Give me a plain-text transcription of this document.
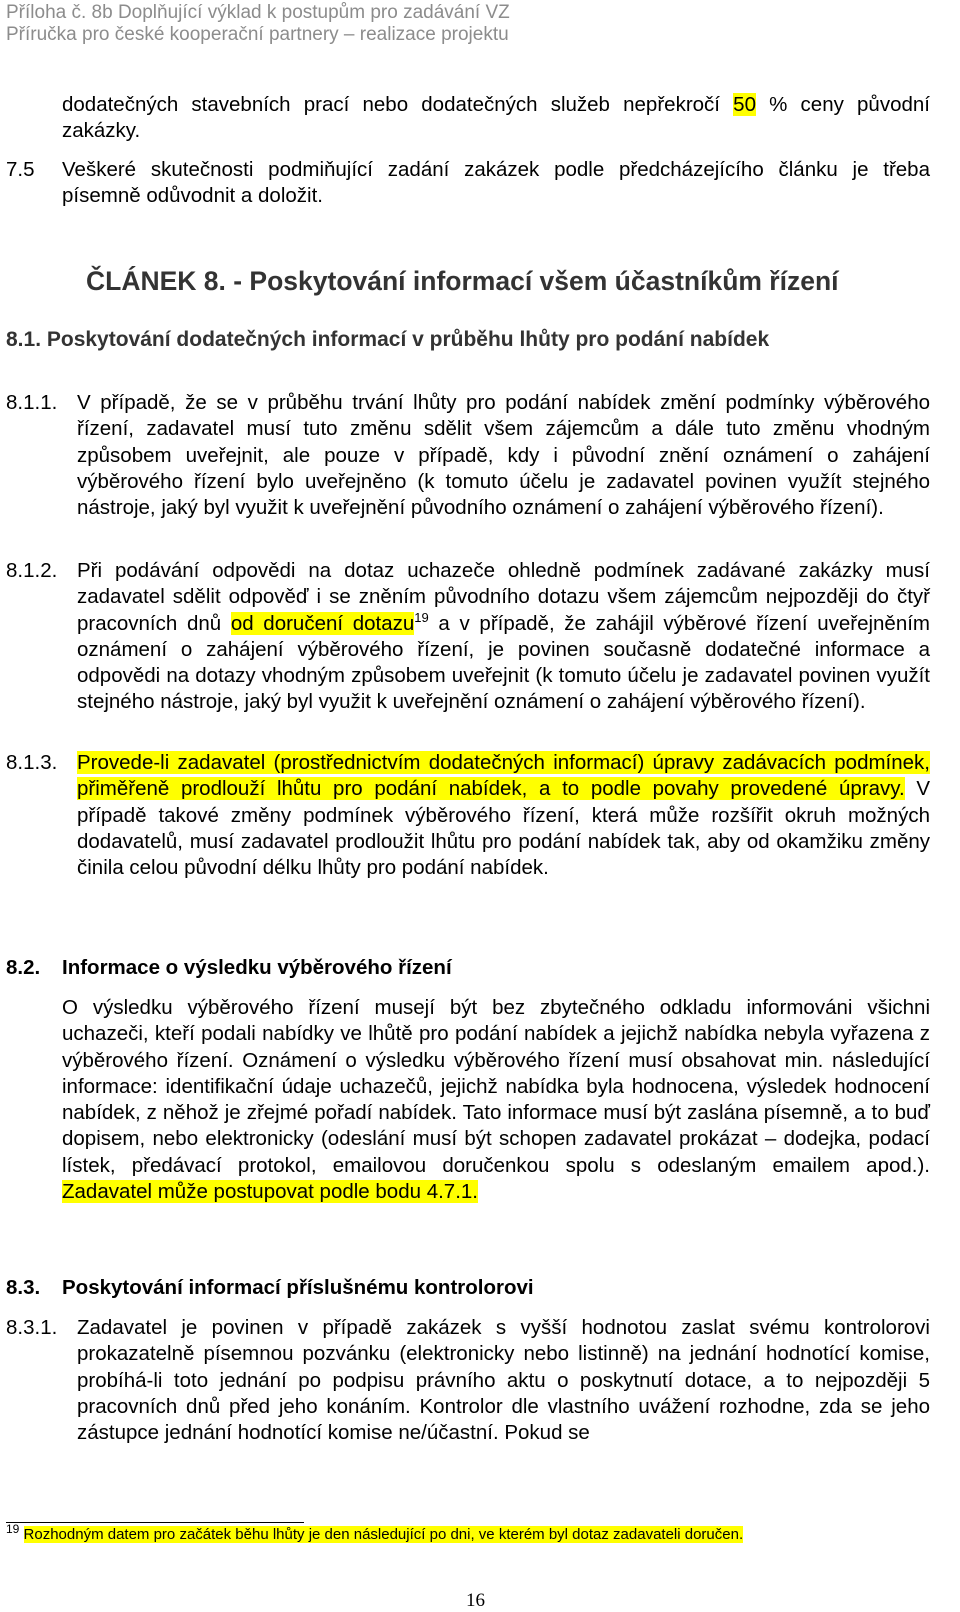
Příloha č. 8b Doplňující výklad k postupům pro zadávání VZ
Příručka pro české kooperační partnery – realizace projektu
dodatečných stavebních prací nebo dodatečných služeb nepřekročí 50 % ceny původní zakázky.
7.5 Veškeré skutečnosti podmiňující zadání zakázek podle předcházejícího článku je třeba písemně odůvodnit a doložit.
ČLÁNEK 8. - Poskytování informací všem účastníkům řízení
8.1. Poskytování dodatečných informací v průběhu lhůty pro podání nabídek
8.1.1. V případě, že se v průběhu trvání lhůty pro podání nabídek změní podmínky výběrového řízení, zadavatel musí tuto změnu sdělit všem zájemcům a dále tuto změnu vhodným způsobem uveřejnit, ale pouze v případě, kdy i původní znění oznámení o zahájení výběrového řízení bylo uveřejněno (k tomuto účelu je zadavatel povinen využít stejného nástroje, jaký byl využit k uveřejnění původního oznámení o zahájení výběrového řízení).
8.1.2. Při podávání odpovědi na dotaz uchazeče ohledně podmínek zadávané zakázky musí zadavatel sdělit odpověď i se zněním původního dotazu všem zájemcům nejpozději do čtyř pracovních dnů od doručení dotazu$^{19}$ a v případě, že zahájil výběrové řízení uveřejněním oznámení o zahájení výběrového řízení, je povinen současně dodatečné informace a odpovědi na dotazy vhodným způsobem uveřejnit (k tomuto účelu je zadavatel povinen využít stejného nástroje, jaký byl využit k uveřejnění oznámení o zahájení výběrového řízení).
8.1.3. Provede-li zadavatel (prostřednictvím dodatečných informací) úpravy zadávacích podmínek, přiměřeně prodlouží lhůtu pro podání nabídek, a to podle povahy provedené úpravy. V případě takové změny podmínek výběrového řízení, která může rozšířit okruh možných dodavatelů, musí zadavatel prodloužit lhůtu pro podání nabídek tak, aby od okamžiku změny činila celou původní délku lhůty pro podání nabídek.
8.2. Informace o výsledku výběrového řízení
O výsledku výběrového řízení musejí být bez zbytečného odkladu informováni všichni uchazeči, kteří podali nabídky ve lhůtě pro podání nabídek a jejichž nabídka nebyla vyřazena z výběrového řízení. Oznámení o výsledku výběrového řízení musí obsahovat min. následující informace: identifikační údaje uchazečů, jejichž nabídka byla hodnocena, výsledek hodnocení nabídek, z něhož je zřejmé pořadí nabídek. Tato informace musí být zaslána písemně, a to buď dopisem, nebo elektronicky (odeslání musí být schopen zadavatel prokázat – dodejka, podací lístek, předávací protokol, emailovou doručenkou spolu s odeslaným emailem apod.). Zadavatel může postupovat podle bodu 4.7.1.
8.3. Poskytování informací příslušnému kontrolorovi
8.3.1. Zadavatel je povinen v případě zakázek s vyšší hodnotou zaslat svému kontrolorovi prokazatelně písemnou pozvánku (elektronicky nebo listinně) na jednání hodnotící komise, probíhá-li toto jednání po podpisu právního aktu o poskytnutí dotace, a to nejpozději 5 pracovních dnů před jeho konáním. Kontrolor dle vlastního uvážení rozhodne, zda se jeho zástupce jednání hodnotící komise ne/účastní. Pokud se
$^{19}$ Rozhodným datem pro začátek běhu lhůty je den následující po dni, ve kterém byl dotaz zadavateli doručen.
16
